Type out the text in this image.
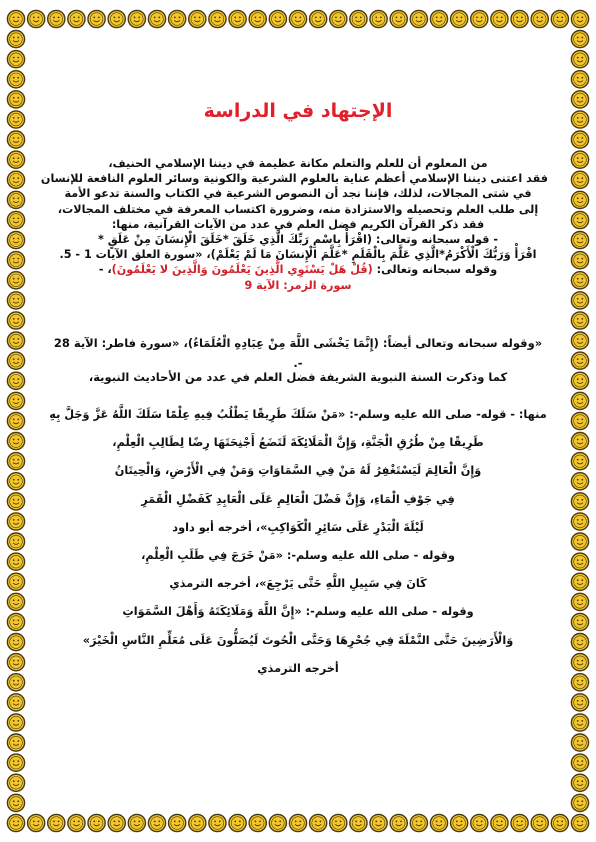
الإجتهاد في الدراسة
من المعلوم أن للعلم والتعلم مكانة عظيمة في ديننا الإسلامي الحنيف،
فقد اعتنى ديننا الإسلامي أعظم عناية بالعلوم الشرعية والكونية وسائر العلوم النافعة للإنسان
في شتى المجالات، لذلك، فإننا نجد أن النصوص الشرعية في الكتاب والسنة تدعو الأمة
إلى طلب العلم وتحصيله والاستزادة منه، وضرورة اكتساب المعرفة في مختلف المجالات،
فقد ذكر القرآن الكريم فضل العلم في عدد من الآيات القرآنية، منها:
- قوله سبحانه وتعالى: (اقْرَأْ بِاسْمِ رَبِّكَ الَّذِي خَلَقَ *خَلَقَ الْإِنسَانَ مِنْ عَلَقٍ *
اقْرَأْ وَرَبُّكَ الْأَكْرَمُ*الَّذِي عَلَّمَ بِالْقَلَمِ *عَلَّمَ الْإِنسَانَ مَا لَمْ يَعْلَمْ)، «سورة العلق الآيات 1 - 5.
وقوله سبحانه وتعالى: (قُلْ هَلْ يَسْتَوِي الَّذِينَ يَعْلَمُونَ وَالَّذِينَ لا يَعْلَمُونَ)، -
سورة الزمر: الآية 9

«وقوله سبحانه وتعالى أيضاً: (إِنَّمَا يَخْشَى اللَّهَ مِنْ عِبَادِهِ الْعُلَمَاءُ)، «سورة فاطر: الآية 28 -.

كما وذكرت السنة النبوية الشريفة فضل العلم في عدد من الأحاديث النبوية،

منها: - قوله- صلى الله عليه وسلم-: «مَنْ سَلَكَ طَرِيقًا يَطْلُبُ فِيهِ عِلْمًا سَلَكَ اللَّهُ عَزَّ وَجَلَّ بِهِ
طَرِيقًا مِنْ طُرُقِ الْجَنَّةِ، وَإِنَّ الْمَلَائِكَةَ لَتَضَعُ أَجْنِحَتَهَا رِضًا لِطَالِبِ الْعِلْمِ،
وَإِنَّ الْعَالِمَ لَيَسْتَغْفِرُ لَهُ مَنْ فِي السَّمَاوَاتِ وَمَنْ فِي الْأَرْضِ، وَالْحِيتَانُ
فِي جَوْفِ الْمَاءِ، وَإِنَّ فَضْلَ الْعَالِمِ عَلَى الْعَابِدِ كَفَضْلِ الْقَمَرِ
لَيْلَةَ الْبَدْرِ عَلَى سَائِرِ الْكَوَاكِبِ»، أخرجه أبو داود
وقوله - صلى الله عليه وسلم-: «مَنْ خَرَجَ فِي طَلَبِ الْعِلْمِ،
كَانَ فِي سَبِيلِ اللَّهِ حَتَّى يَرْجِعَ»، أخرجه الترمذي
وقوله - صلى الله عليه وسلم-: «إِنَّ اللَّهَ وَمَلَائِكَتَهُ وَأَهْلَ السَّمَوَاتِ
وَالْأَرَضِينَ حَتَّى النَّمْلَةَ فِي جُحْرِهَا وَحَتَّى الْحُوتَ لَيُصَلُّونَ عَلَى مُعَلِّمِ النَّاسِ الْخَيْرَ»
أخرجه الترمذي
